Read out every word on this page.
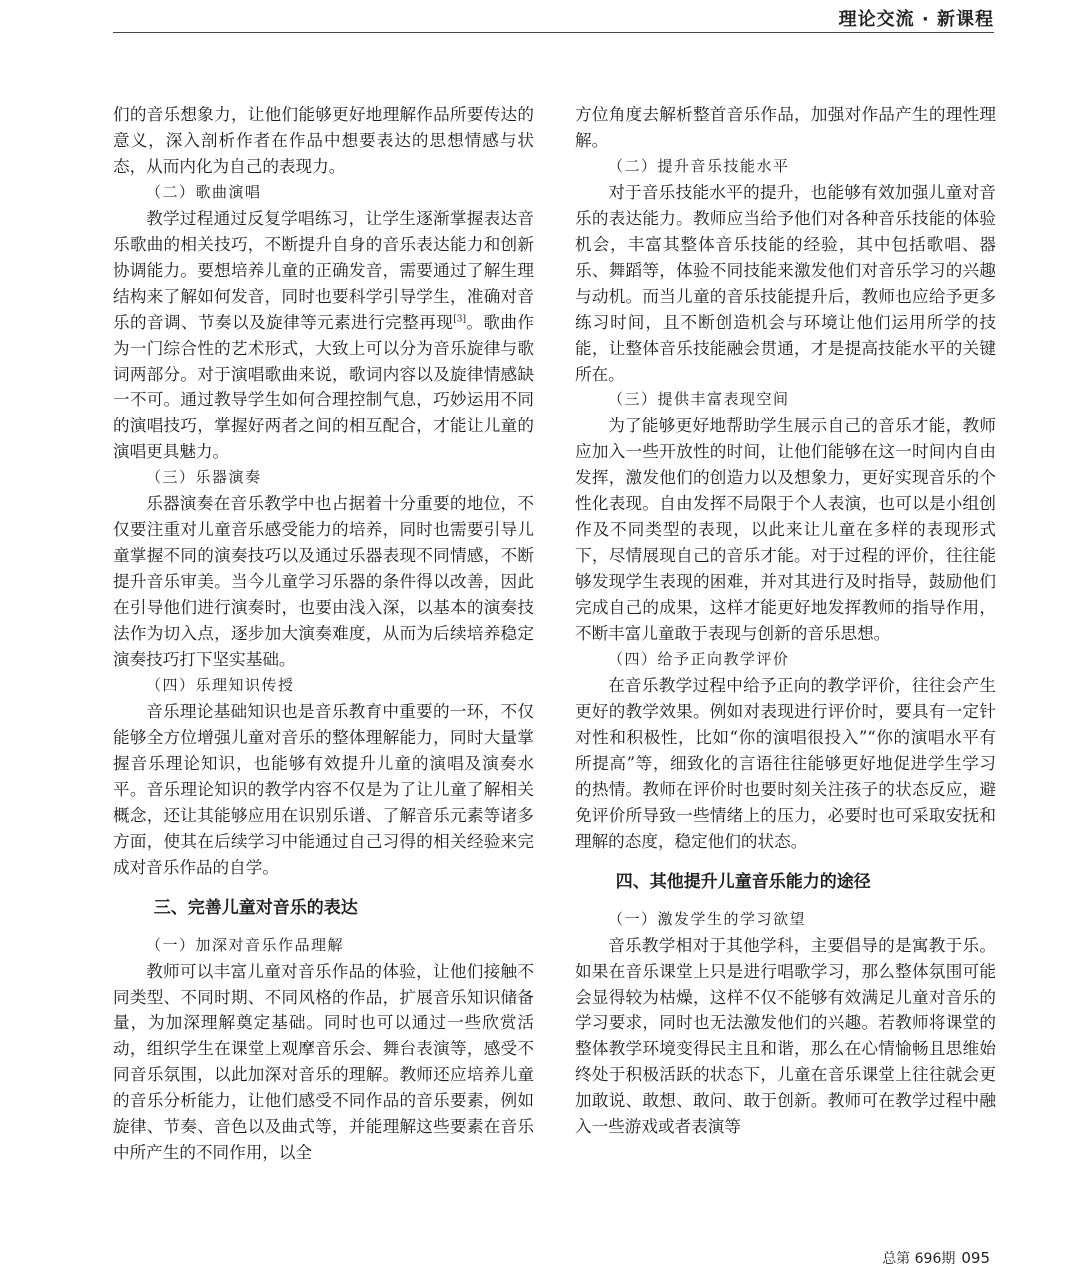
理论交流 · 新课程

们的音乐想象力，让他们能够更好地理解作品所要传达的意义，深入剖析作者在作品中想要表达的思想情感与状态，从而内化为自己的表现力。

（二）歌曲演唱

教学过程通过反复学唱练习，让学生逐渐掌握表达音乐歌曲的相关技巧，不断提升自身的音乐表达能力和创新协调能力。要想培养儿童的正确发音，需要通过了解生理结构来了解如何发音，同时也要科学引导学生，准确对音乐的音调、节奏以及旋律等元素进行完整再现[3]。歌曲作为一门综合性的艺术形式，大致上可以分为音乐旋律与歌词两部分。对于演唱歌曲来说，歌词内容以及旋律情感缺一不可。通过教导学生如何合理控制气息，巧妙运用不同的演唱技巧，掌握好两者之间的相互配合，才能让儿童的演唱更具魅力。

（三）乐器演奏

乐器演奏在音乐教学中也占据着十分重要的地位，不仅要注重对儿童音乐感受能力的培养，同时也需要引导儿童掌握不同的演奏技巧以及通过乐器表现不同情感，不断提升音乐审美。当今儿童学习乐器的条件得以改善，因此在引导他们进行演奏时，也要由浅入深，以基本的演奏技法作为切入点，逐步加大演奏难度，从而为后续培养稳定演奏技巧打下坚实基础。

（四）乐理知识传授

音乐理论基础知识也是音乐教育中重要的一环，不仅能够全方位增强儿童对音乐的整体理解能力，同时大量掌握音乐理论知识，也能够有效提升儿童的演唱及演奏水平。音乐理论知识的教学内容不仅是为了让儿童了解相关概念，还让其能够应用在识别乐谱、了解音乐元素等诸多方面，使其在后续学习中能通过自己习得的相关经验来完成对音乐作品的自学。

三、完善儿童对音乐的表达
（一）加深对音乐作品理解

教师可以丰富儿童对音乐作品的体验，让他们接触不同类型、不同时期、不同风格的作品，扩展音乐知识储备量，为加深理解奠定基础。同时也可以通过一些欣赏活动，组织学生在课堂上观摩音乐会、舞台表演等，感受不同音乐氛围，以此加深对音乐的理解。教师还应培养儿童的音乐分析能力，让他们感受不同作品的音乐要素，例如旋律、节奏、音色以及曲式等，并能理解这些要素在音乐中所产生的不同作用，以全

方位角度去解析整首音乐作品，加强对作品产生的理性理解。

（二）提升音乐技能水平

对于音乐技能水平的提升，也能够有效加强儿童对音乐的表达能力。教师应当给予他们对各种音乐技能的体验机会，丰富其整体音乐技能的经验，其中包括歌唱、器乐、舞蹈等，体验不同技能来激发他们对音乐学习的兴趣与动机。而当儿童的音乐技能提升后，教师也应给予更多练习时间，且不断创造机会与环境让他们运用所学的技能，让整体音乐技能融会贯通，才是提高技能水平的关键所在。

（三）提供丰富表现空间

为了能够更好地帮助学生展示自己的音乐才能，教师应加入一些开放性的时间，让他们能够在这一时间内自由发挥，激发他们的创造力以及想象力，更好实现音乐的个性化表现。自由发挥不局限于个人表演，也可以是小组创作及不同类型的表现，以此来让儿童在多样的表现形式下，尽情展现自己的音乐才能。对于过程的评价，往往能够发现学生表现的困难，并对其进行及时指导，鼓励他们完成自己的成果，这样才能更好地发挥教师的指导作用，不断丰富儿童敢于表现与创新的音乐思想。

（四）给予正向教学评价

在音乐教学过程中给予正向的教学评价，往往会产生更好的教学效果。例如对表现进行评价时，要具有一定针对性和积极性，比如“你的演唱很投入”“你的演唱水平有所提高”等，细致化的言语往往能够更好地促进学生学习的热情。教师在评价时也要时刻关注孩子的状态反应，避免评价所导致一些情绪上的压力，必要时也可采取安抚和理解的态度，稳定他们的状态。

四、其他提升儿童音乐能力的途径
（一）激发学生的学习欲望

音乐教学相对于其他学科，主要倡导的是寓教于乐。如果在音乐课堂上只是进行唱歌学习，那么整体氛围可能会显得较为枯燥，这样不仅不能够有效满足儿童对音乐的学习要求，同时也无法激发他们的兴趣。若教师将课堂的整体教学环境变得民主且和谐，那么在心情愉畅且思维始终处于积极活跃的状态下，儿童在音乐课堂上往往就会更加敢说、敢想、敢问、敢于创新。教师可在教学过程中融入一些游戏或者表演等

总第 696期 095
